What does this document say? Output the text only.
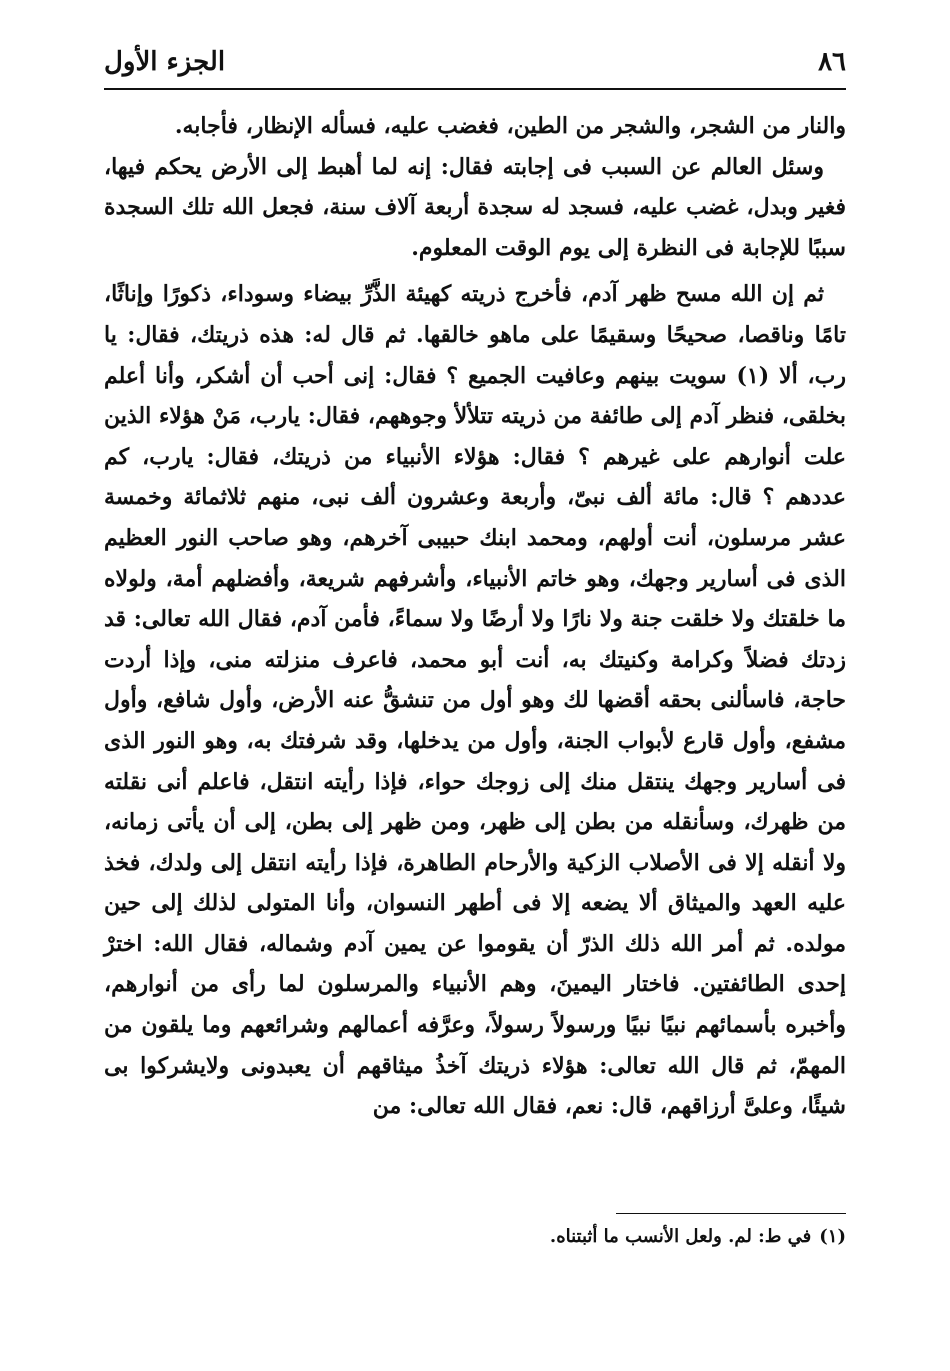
٨٦
الجزء الأول

والنار من الشجر، والشجر من الطين، فغضب عليه، فسأله الإنظار، فأجابه.

وسئل العالم عن السبب فى إجابته فقال: إنه لما أهبط إلى الأرض يحكم فيها، فغير وبدل، غضب عليه، فسجد له سجدة أربعة آلاف سنة، فجعل الله تلك السجدة سببًا للإجابة فى النظرة إلى يوم الوقت المعلوم.

ثم إن الله مسح ظهر آدم، فأخرج ذريته كهيئة الذَّرِّ بيضاء وسوداء، ذكورًا وإناثًا، تامًا وناقصا، صحيحًا وسقيمًا على ماهو خالقها. ثم قال له: هذه ذريتك، فقال: يا رب، ألا (١) سويت بينهم وعافيت الجميع ؟ فقال: إنى أحب أن أشكر، وأنا أعلم بخلقى، فنظر آدم إلى طائفة من ذريته تتلألأ وجوههم، فقال: يارب، مَنْ هؤلاء الذين علت أنوارهم على غيرهم ؟ فقال: هؤلاء الأنبياء من ذريتك، فقال: يارب، كم عددهم ؟ قال: مائة ألف نبىّ، وأربعة وعشرون ألف نبى، منهم ثلاثمائة وخمسة عشر مرسلون، أنت أولهم، ومحمد ابنك حبيبى آخرهم، وهو صاحب النور العظيم الذى فى أسارير وجهك، وهو خاتم الأنبياء، وأشرفهم شريعة، وأفضلهم أمة، ولولاه ما خلقتك ولا خلقت جنة ولا نارًا ولا أرضًا ولا سماءً، فأمن آدم، فقال الله تعالى: قد زدتك فضلاً وكرامة وكنيتك به، أنت أبو محمد، فاعرف منزلته منى، وإذا أردت حاجة، فاسألنى بحقه أقضها لك وهو أول من تنشقُّ عنه الأرض، وأول شافع، وأول مشفع، وأول قارع لأبواب الجنة، وأول من يدخلها، وقد شرفتك به، وهو النور الذى فى أسارير وجهك ينتقل منك إلى زوجك حواء، فإذا رأيته انتقل، فاعلم أنى نقلته من ظهرك، وسأنقله من بطن إلى ظهر، ومن ظهر إلى بطن، إلى أن يأتى زمانه، ولا أنقله إلا فى الأصلاب الزكية والأرحام الطاهرة، فإذا رأيته انتقل إلى ولدك، فخذ عليه العهد والميثاق ألا يضعه إلا فى أطهر النسوان، وأنا المتولى لذلك إلى حين مولده. ثم أمر الله ذلك الذرّ أن يقوموا عن يمين آدم وشماله، فقال الله: اخترْ إحدى الطائفتين. فاختار اليمينَ، وهم الأنبياء والمرسلون لما رأى من أنوارهم، وأخبره بأسمائهم نبيًا نبيًا ورسولاً رسولاً، وعرَّفه أعمالهم وشرائعهم وما يلقون من المهمّ، ثم قال الله تعالى: هؤلاء ذريتك آخذُ ميثاقهم أن يعبدونى ولايشركوا بى شيئًا، وعلىَّ أرزاقهم، قال: نعم، فقال الله تعالى: من

(١)في ط: لم. ولعل الأنسب ما أثبتناه.
